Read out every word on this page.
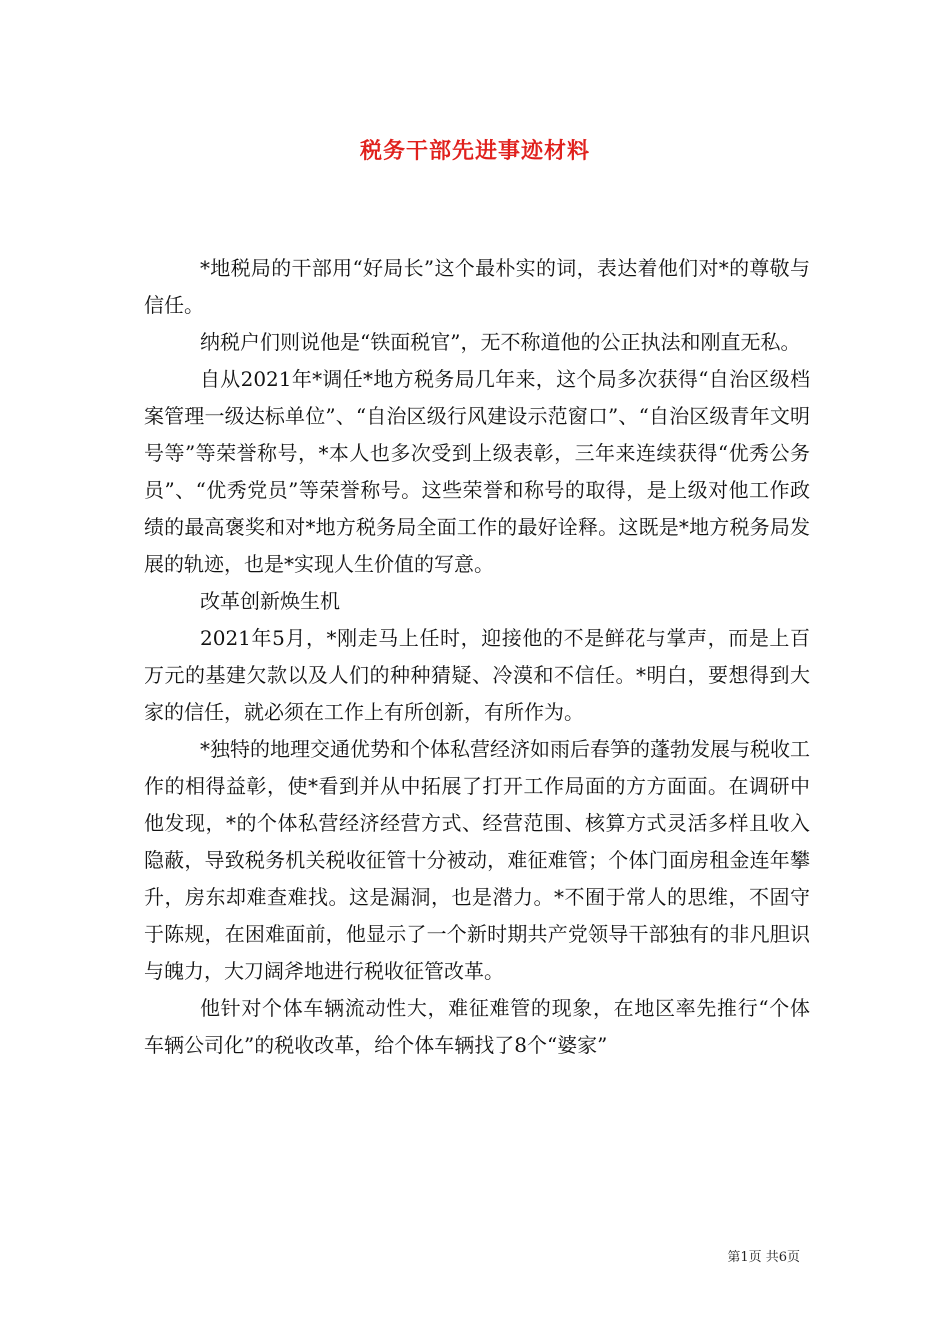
税务干部先进事迹材料

*地税局的干部用“好局长”这个最朴实的词，表达着他们对*的尊敬与信任。

纳税户们则说他是“铁面税官”，无不称道他的公正执法和刚直无私。

自从2021年*调任*地方税务局几年来，这个局多次获得“自治区级档案管理一级达标单位”、“自治区级行风建设示范窗口”、“自治区级青年文明号等”等荣誉称号，*本人也多次受到上级表彰，三年来连续获得“优秀公务员”、“优秀党员”等荣誉称号。这些荣誉和称号的取得，是上级对他工作政绩的最高褒奖和对*地方税务局全面工作的最好诠释。这既是*地方税务局发展的轨迹，也是*实现人生价值的写意。

改革创新焕生机

2021年5月，*刚走马上任时，迎接他的不是鲜花与掌声，而是上百万元的基建欠款以及人们的种种猜疑、冷漠和不信任。*明白，要想得到大家的信任，就必须在工作上有所创新，有所作为。

*独特的地理交通优势和个体私营经济如雨后春笋的蓬勃发展与税收工作的相得益彰，使*看到并从中拓展了打开工作局面的方方面面。在调研中他发现，*的个体私营经济经营方式、经营范围、核算方式灵活多样且收入隐蔽，导致税务机关税收征管十分被动，难征难管；个体门面房租金连年攀升，房东却难查难找。这是漏洞，也是潜力。*不囿于常人的思维，不固守于陈规，在困难面前，他显示了一个新时期共产党领导干部独有的非凡胆识与魄力，大刀阔斧地进行税收征管改革。

他针对个体车辆流动性大，难征难管的现象，在地区率先推行“个体车辆公司化”的税收改革，给个体车辆找了8个“婆家”

第1页 共6页
